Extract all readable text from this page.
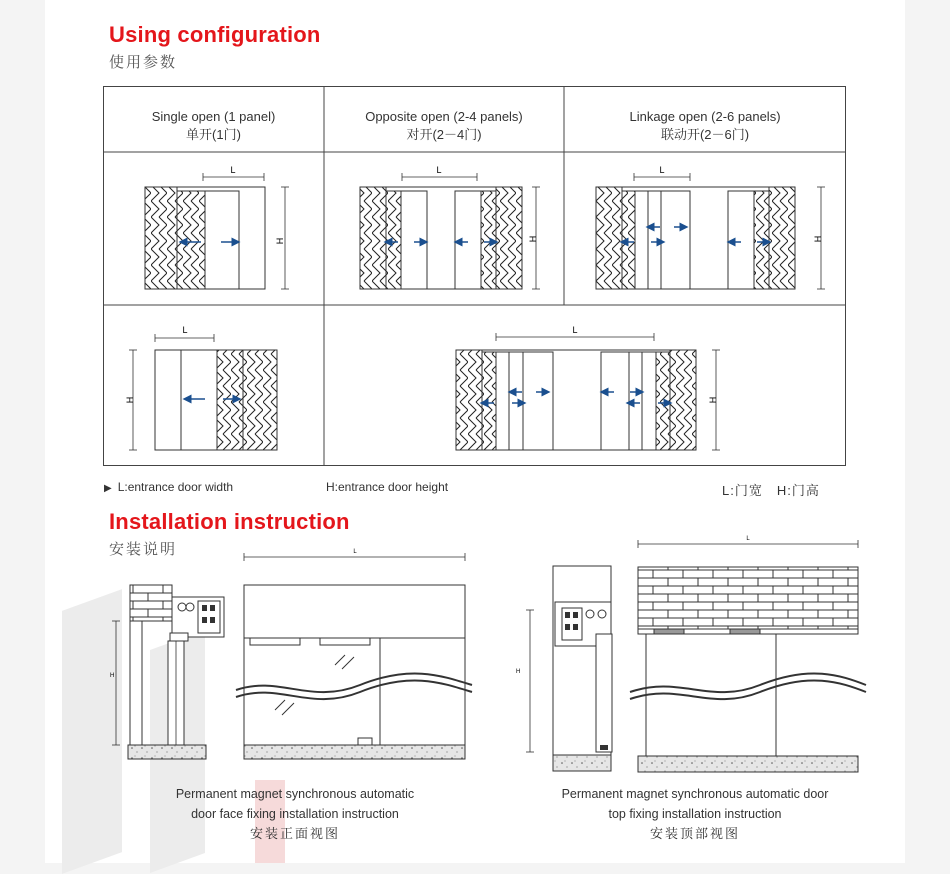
Using configuration
使用参数
Single open (1 panel)
单开(1门)
Opposite open (2-4 panels)
对开(2－4门)
Linkage open (2-6 panels)
联动开(2－6门)
L
H
L
H
L
H
L
H
L
H
▶ L:entrance door width	H:entrance door height	L:门宽　H:门高
Installation instruction
安装说明	L
H
L
H
Permanent magnet synchronous automatic
door face fixing installation instruction
安装正面视图
Permanent magnet synchronous automatic door
top fixing installation instruction
安装顶部视图
